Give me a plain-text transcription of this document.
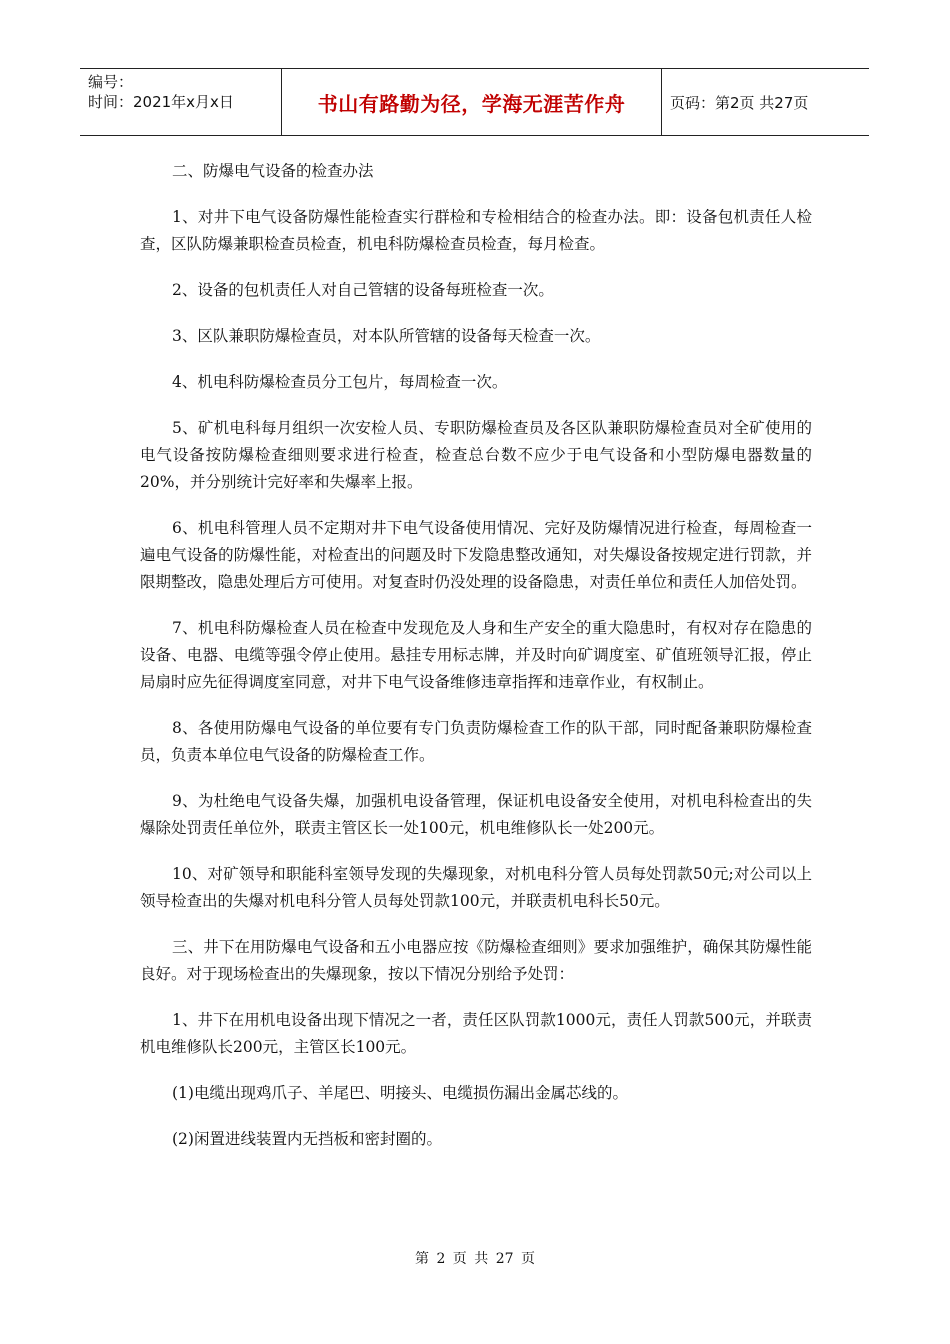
编号：
时间：2021年x月x日	书山有路勤为径，学海无涯苦作舟	页码：第2页 共27页

二、防爆电气设备的检查办法

1、对井下电气设备防爆性能检查实行群检和专检相结合的检查办法。即：设备包机责任人检查，区队防爆兼职检查员检查，机电科防爆检查员检查，每月检查。

2、设备的包机责任人对自己管辖的设备每班检查一次。

3、区队兼职防爆检查员，对本队所管辖的设备每天检查一次。

4、机电科防爆检查员分工包片，每周检查一次。

5、矿机电科每月组织一次安检人员、专职防爆检查员及各区队兼职防爆检查员对全矿使用的电气设备按防爆检查细则要求进行检查，检查总台数不应少于电气设备和小型防爆电器数量的20%，并分别统计完好率和失爆率上报。

6、机电科管理人员不定期对井下电气设备使用情况、完好及防爆情况进行检查，每周检查一遍电气设备的防爆性能，对检查出的问题及时下发隐患整改通知，对失爆设备按规定进行罚款，并限期整改，隐患处理后方可使用。对复查时仍没处理的设备隐患，对责任单位和责任人加倍处罚。

7、机电科防爆检查人员在检查中发现危及人身和生产安全的重大隐患时，有权对存在隐患的设备、电器、电缆等强令停止使用。悬挂专用标志牌，并及时向矿调度室、矿值班领导汇报，停止局扇时应先征得调度室同意，对井下电气设备维修违章指挥和违章作业，有权制止。

8、各使用防爆电气设备的单位要有专门负责防爆检查工作的队干部，同时配备兼职防爆检查员，负责本单位电气设备的防爆检查工作。

9、为杜绝电气设备失爆，加强机电设备管理，保证机电设备安全使用，对机电科检查出的失爆除处罚责任单位外，联责主管区长一处100元，机电维修队长一处200元。

10、对矿领导和职能科室领导发现的失爆现象，对机电科分管人员每处罚款50元;对公司以上领导检查出的失爆对机电科分管人员每处罚款100元，并联责机电科长50元。

三、井下在用防爆电气设备和五小电器应按《防爆检查细则》要求加强维护，确保其防爆性能良好。对于现场检查出的失爆现象，按以下情况分别给予处罚：

1、井下在用机电设备出现下情况之一者，责任区队罚款1000元，责任人罚款500元，并联责机电维修队长200元，主管区长100元。

(1)电缆出现鸡爪子、羊尾巴、明接头、电缆损伤漏出金属芯线的。

(2)闲置进线装置内无挡板和密封圈的。

第 2 页 共 27 页
